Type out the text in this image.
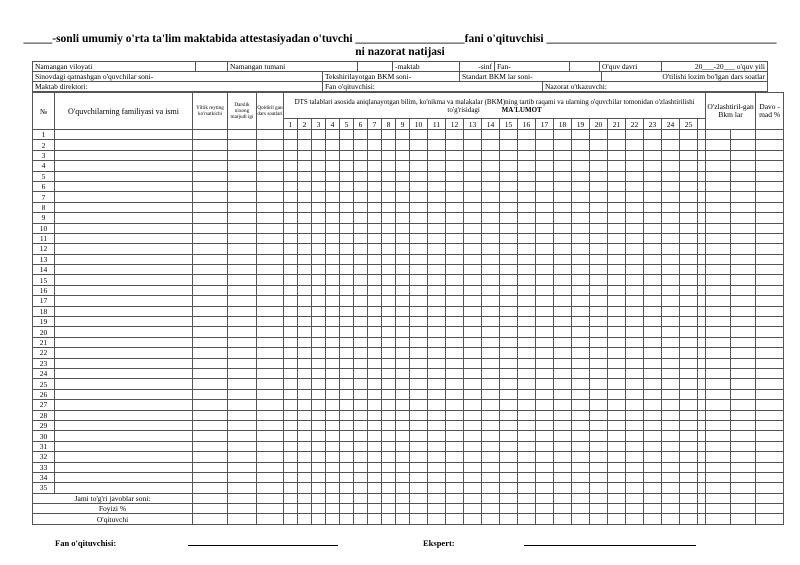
_____-sonli umumiy o'rta ta'lim maktabida attestasiyadan o'tuvchi ___________________fani o'qituvchisi ________________________________________
ni nazorat natijasi
Namangan viloyati		Namangan tumani		-maktab	-sinf	Fan-		O'quv davri	20___-20___ o'quv yili
Sinovdagi qatnashgan o'quvchilar soni-	Tekshirilayotgan BKM soni-	Standart BKM lar soni-	O'tilishi lozim bo'lgan dars soatlar
Maktab direktori:	Fan o'qituvchisi:	Nazorat o'tkazuvchi:
№	O'quvchilarning familiyasi va ismi	Yillik reyting ko'rsatkichi	Darslik nixong marjudl igi	Qoldiril gan dars soatlari	DTS talablari asosida aniqlanayotgan bilim, ko'nikma va malakalar (BKM)ning tartib raqami va ularning o'quvchilar tomonidan o'zlashtirilishi to'g'risidagi MA'LUMOT																										O'zlashtiril-gan Bkm lar		Davo -mad %
					1	2	3	4	5	6	7	8	9	10	11	12	13	14	15	16	17	18	19	20	21	22	23	24	25				
1																																	
2																																	
3																																	
4																																	
5																																	
6																																	
7																																	
8																																	
9																																	
10																																	
11																																	
12																																	
13																																	
14																																	
15																																	
16																																	
17																																	
18																																	
19																																	
20																																	
21																																	
22																																	
23																																	
24																																	
25																																	
26																																	
27																																	
28																																	
29																																	
30																																	
31																																	
32																																	
33																																	
34																																	
35																																	
Jami to'g'ri javoblar soni:																																	
Foyizi %																																	
O'qituvchi																																	
Fan o'qituvchisi:	Ekspert:
